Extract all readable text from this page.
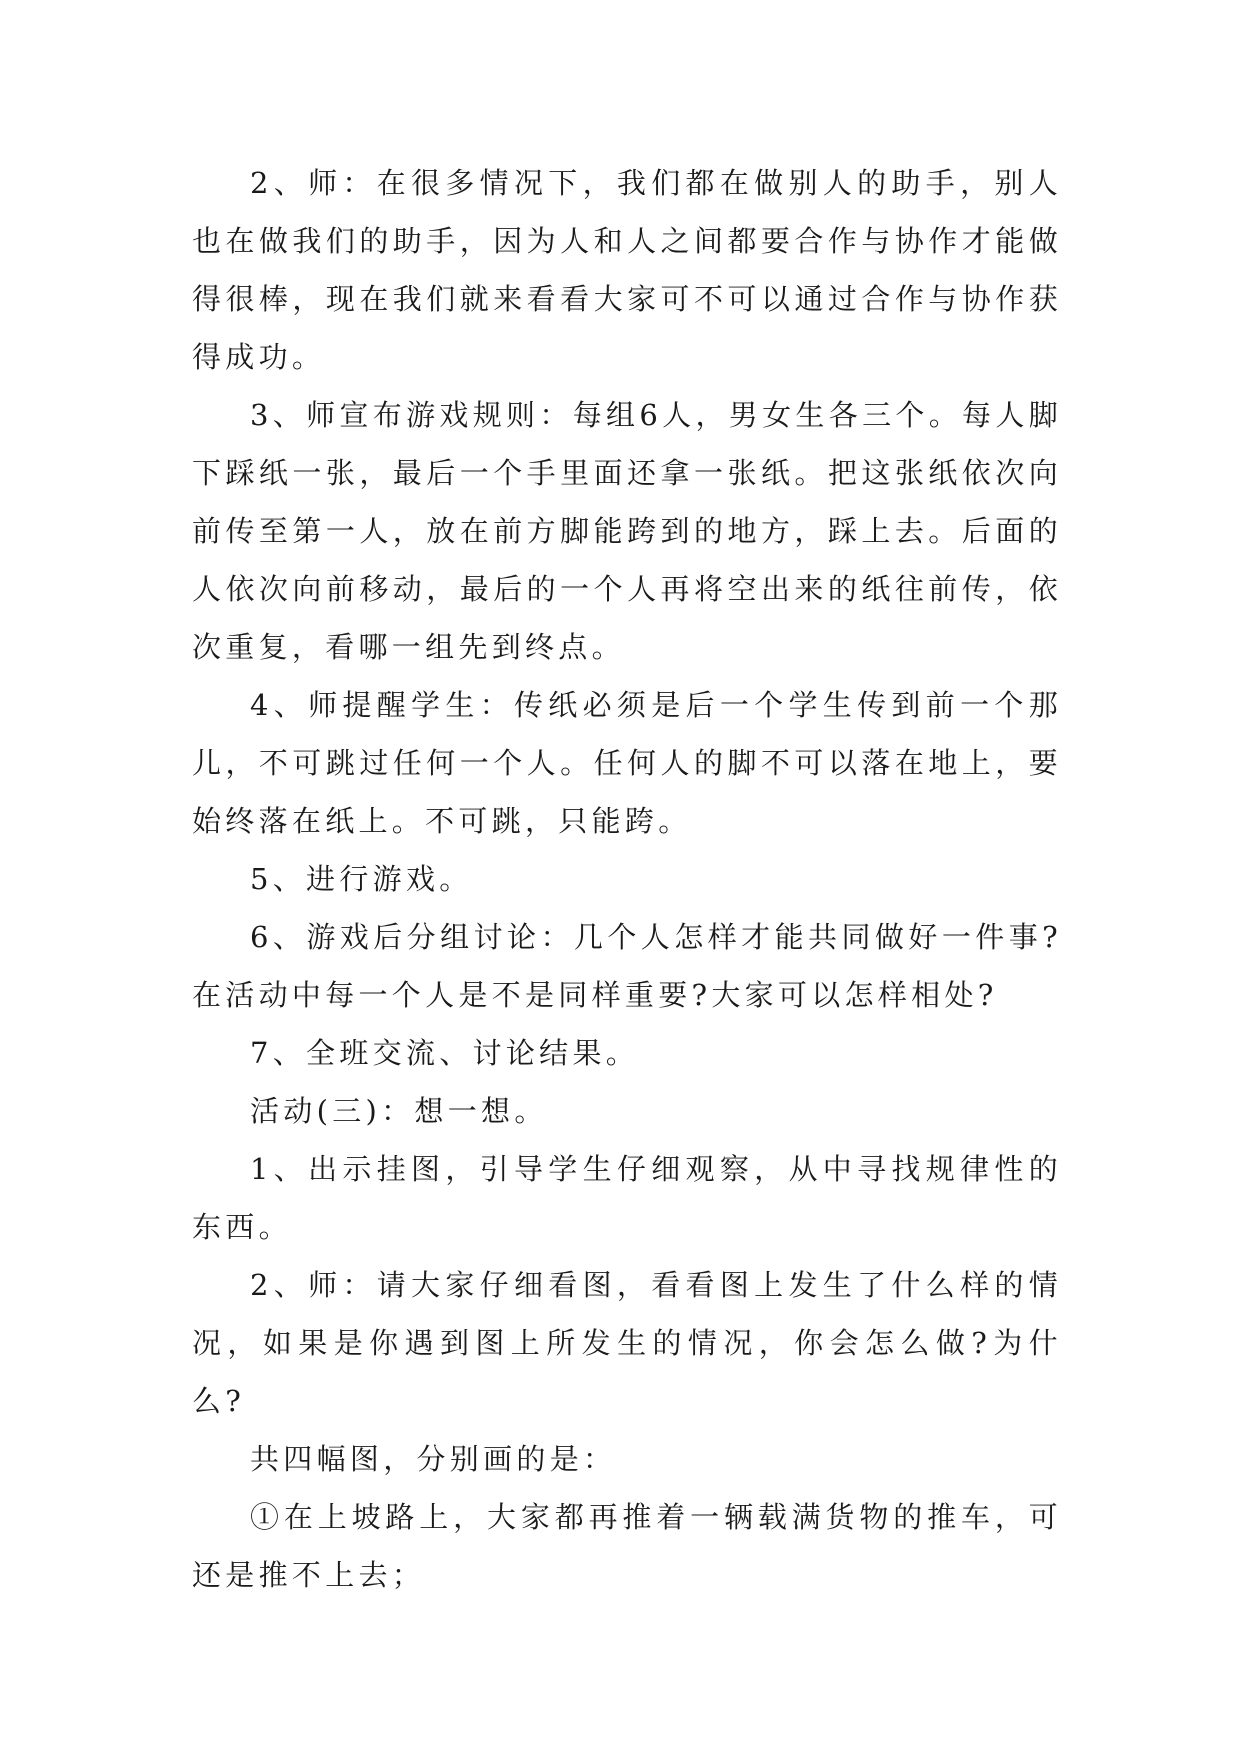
2、师：在很多情况下，我们都在做别人的助手，别人也在做我们的助手，因为人和人之间都要合作与协作才能做得很棒，现在我们就来看看大家可不可以通过合作与协作获得成功。

3、师宣布游戏规则：每组6人，男女生各三个。每人脚下踩纸一张，最后一个手里面还拿一张纸。把这张纸依次向前传至第一人，放在前方脚能跨到的地方，踩上去。后面的人依次向前移动，最后的一个人再将空出来的纸往前传，依次重复，看哪一组先到终点。

4、师提醒学生：传纸必须是后一个学生传到前一个那儿，不可跳过任何一个人。任何人的脚不可以落在地上，要始终落在纸上。不可跳，只能跨。

5、进行游戏。

6、游戏后分组讨论：几个人怎样才能共同做好一件事?在活动中每一个人是不是同样重要?大家可以怎样相处?

7、全班交流、讨论结果。

活动(三)：想一想。

1、出示挂图，引导学生仔细观察，从中寻找规律性的东西。

2、师：请大家仔细看图，看看图上发生了什么样的情况，如果是你遇到图上所发生的情况，你会怎么做?为什么?

共四幅图，分别画的是：

①在上坡路上，大家都再推着一辆载满货物的推车，可还是推不上去；
